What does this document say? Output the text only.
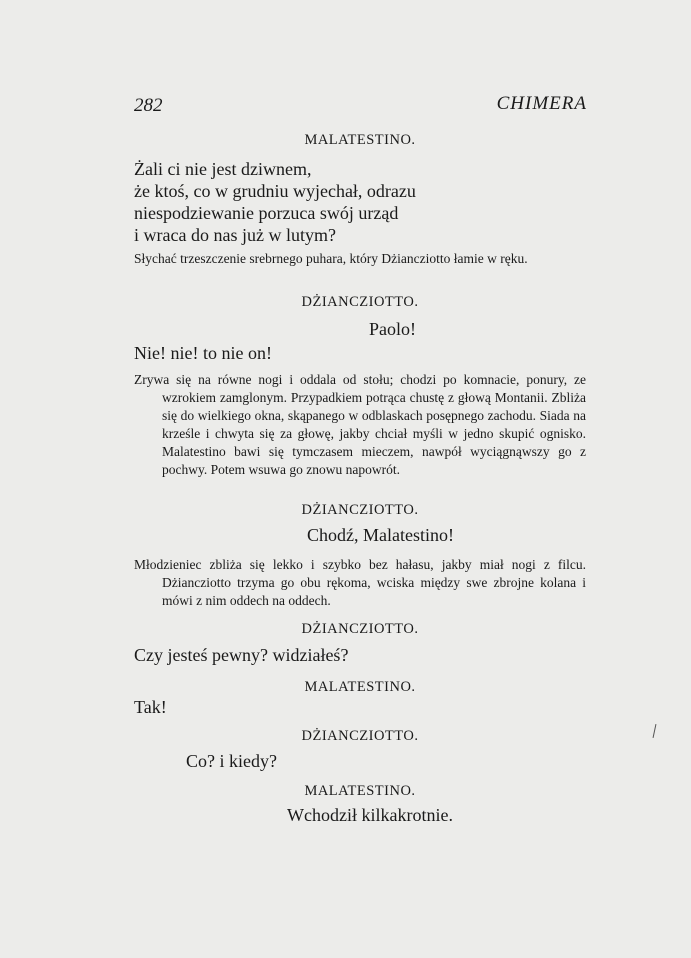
282	CHIMERA
MALATESTINO.
Żali ci nie jest dziwnem,
że ktoś, co w grudniu wyjechał, odrazu
niespodziewanie porzuca swój urząd
i wraca do nas już w lutym?

Słychać trzeszczenie srebrnego puhara, który Dżiancziotto łamie w ręku.

DŻIANCZIOTTO.
Paolo!
Nie! nie! to nie on!

Zrywa się na równe nogi i oddala od stołu; chodzi po komnacie, ponury, ze wzrokiem zamglonym. Przypadkiem potrąca chustę z głową Montanii. Zbliża się do wielkiego okna, skąpanego w odblaskach posępnego zachodu. Siada na krześle i chwyta się za głowę, jakby chciał myśli w jedno skupić ognisko. Malatestino bawi się tymczasem mieczem, nawpół wyciągnąwszy go z pochwy. Potem wsuwa go znowu napowrót.

DŻIANCZIOTTO.
Chodź, Malatestino!

Młodzieniec zbliża się lekko i szybko bez hałasu, jakby miał nogi z filcu. Dżiancziotto trzyma go obu rękoma, wciska między swe zbrojne kolana i mówi z nim oddech na oddech.

DŻIANCZIOTTO.
Czy jesteś pewny? widziałeś?
MALATESTINO.
Tak!
DŻIANCZIOTTO.
Co? i kiedy?
MALATESTINO.
Wchodził kilkakrotnie.
